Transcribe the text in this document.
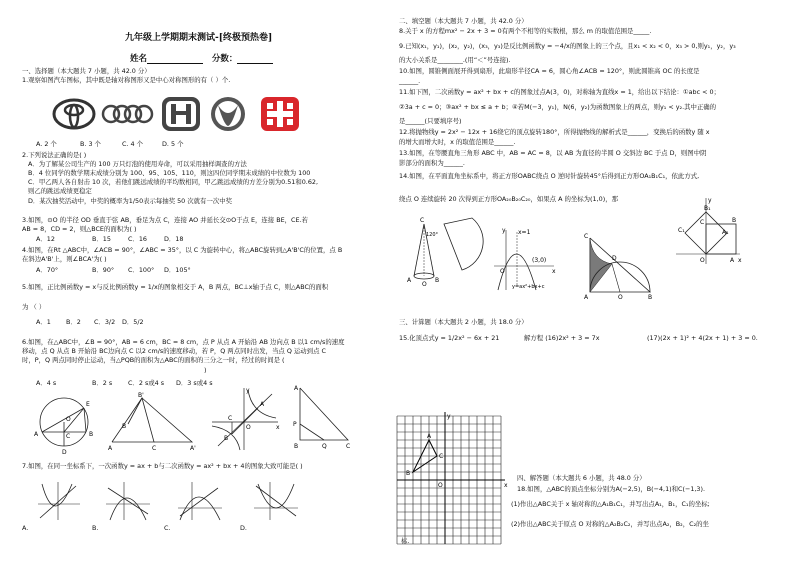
九年级上学期期末测试-[终极预热卷]
姓名	分数：
一、选择题（本大题共 7 小题，共 42.0 分）
1.观察如图汽车图标，其中既是轴对称图形又是中心对称图形的有（ ）个.
A. 2 个	B. 3 个	C. 4 个	D. 5 个
2.下列说法正确的是( )
A．为了解某公司生产的 100 万只灯泡的使用寿命，可以采用抽样调查的方法
B．4 位同学的数学期末成绩分别为 100、95、105、110，则这四位同学期末成绩的中位数为 100
C．甲乙两人各自射击 10 次，若他们跳远成绩的平均数相同，甲乙跳远成绩的方差分别为0.51和0.62,
则乙的跳远成绩更稳定
D．某次抽奖活动中，中奖的概率为1/50表示每抽奖 50 次就有一次中奖
3.如图，⊙O 的半径 OD 垂直于弦 AB，垂足为点 C，连接 AO 并延长交⊙O于点 E，连接 BE，CE.若
AB = 8，CD = 2，则△BCE的面积为( )
A．12	B．15	C．16	D．18
4.如图，在Rt △ABC中，∠ACB = 90°，∠ABC = 35°，以 C 为旋转中心，将△ABC旋转到△A'B'C的位置，点 B
在斜边A'B'上，则∠BCA'为( )
A．70°	B．90° C．100° D．105°
5.如图，正比例函数y = x与反比例函数y = 1/x的图象相交于 A，B 两点，BC⊥x轴于点 C，则△ABC的面积
为 （ ）
A．1 B．2 C．3/2 D．5/2
6.如图，在△ABC中，∠B = 90°，AB = 6 cm，BC = 8 cm，点 P 从点 A 开始沿 AB 边向点 B 以1 cm/s的速度
移动，点 Q 从点 B 开始沿 BC边向点 C 以2 cm/s的速度移动，若 P，Q 两点同时出发，当点 Q 运动到点 C
时，P，Q 两点同时停止运动，当△PQB的面积为△ABC的面积的三分之一时，经过的时间是 (
)
A．4 s	B．2 s C．2 s或4 s D．3 s或4 s
A	B
C
D
E
O
B'
A
B
C	A'
A
B
C
O	x
y	A
P
B	Q	C
7.如图，在同一坐标系下，一次函数y = ax + b与二次函数y = ax² + bx + 4的图象大致可能是( )
A.	B.	C.	D.
二、填空题（本大题共 7 小题，共 42.0 分）
8.关于 x 的方程mx² − 2x + 3 = 0有两个不相等的实数根，那么 m 的取值范围是_____.
9.已知(x₁，y₁)，(x₂，y₂)，(x₃，y₃)是反比例函数y = −4/x的图象上的三个点，且x₁ < x₂ < 0，x₃ > 0,则y₁，y₂，y₃
的大小关系是________.(用“＜”号连接).
10.如图，圆锥侧面展开得到扇形，此扇形半径CA = 6，圆心角∠ACB = 120°，则此圆锥高 OC 的长度是
______.
11.如下图，二次函数y = ax² + bx + c的图象过点A(3，0)，对称轴为直线x = 1，给出以下结论：①abc < 0；
②3a + c = 0；③ax² + bx ≤ a + b；④若M(−3，y₁)，N(6，y₂)为函数图象上的两点，则y₁ < y₂.其中正确的
是______(只要填序号)
12.将抛物线y = 2x² − 12x + 16绕它的顶点旋转180°，所得抛物线的解析式是______，变换后的函数y 随 x
的增大而增大时，x 的取值范围是______.
13.如图，在等腰直角三角形 ABC 中，AB = AC = 8，以 AB 为直径的半圆 O 交斜边 BC 于点 D，则图中阴
影部分的面积为______.
14.如图，在平面直角坐标系中，将正方形OABC绕点 O 逆时针旋转45°后得到正方形OA₁B₁C₁，依此方式,
绕点 O 连续旋转 20 次得到正方形OA₂₀B₂₀C₂₀，如果点 A 的坐标为(1,0)，那
C
120°
A	B
O
y x=1
(3,0)
x
O
y=ax²+bx+c
C
D
A	O	B
C₁
B₁
B
A₁
C
O	A x
y
三、计算题（本大题共 2 小题，共 18.0 分）
15.化顶点式y = 1/2x² − 6x + 21	解方程 (16)2x² + 3 = 7x	(17)(2x + 1)² + 4(2x + 1) + 3 = 0.
A
B
C
O	x
y
四、解答题（本大题共 6 小题，共 48.0 分）
18.如图，△ABC的顶点坐标分别为A(−2,5)，B(−4,1)和C(−1,3).
(1)作出△ABC关于 x 轴对称的△A₁B₁C₁，并写出点A₁，B₁，C₁的坐标;
(2)作出△ABC关于原点 O 对称的△A₂B₂C₂，并写出点A₂，B₂，C₂的坐
标.
